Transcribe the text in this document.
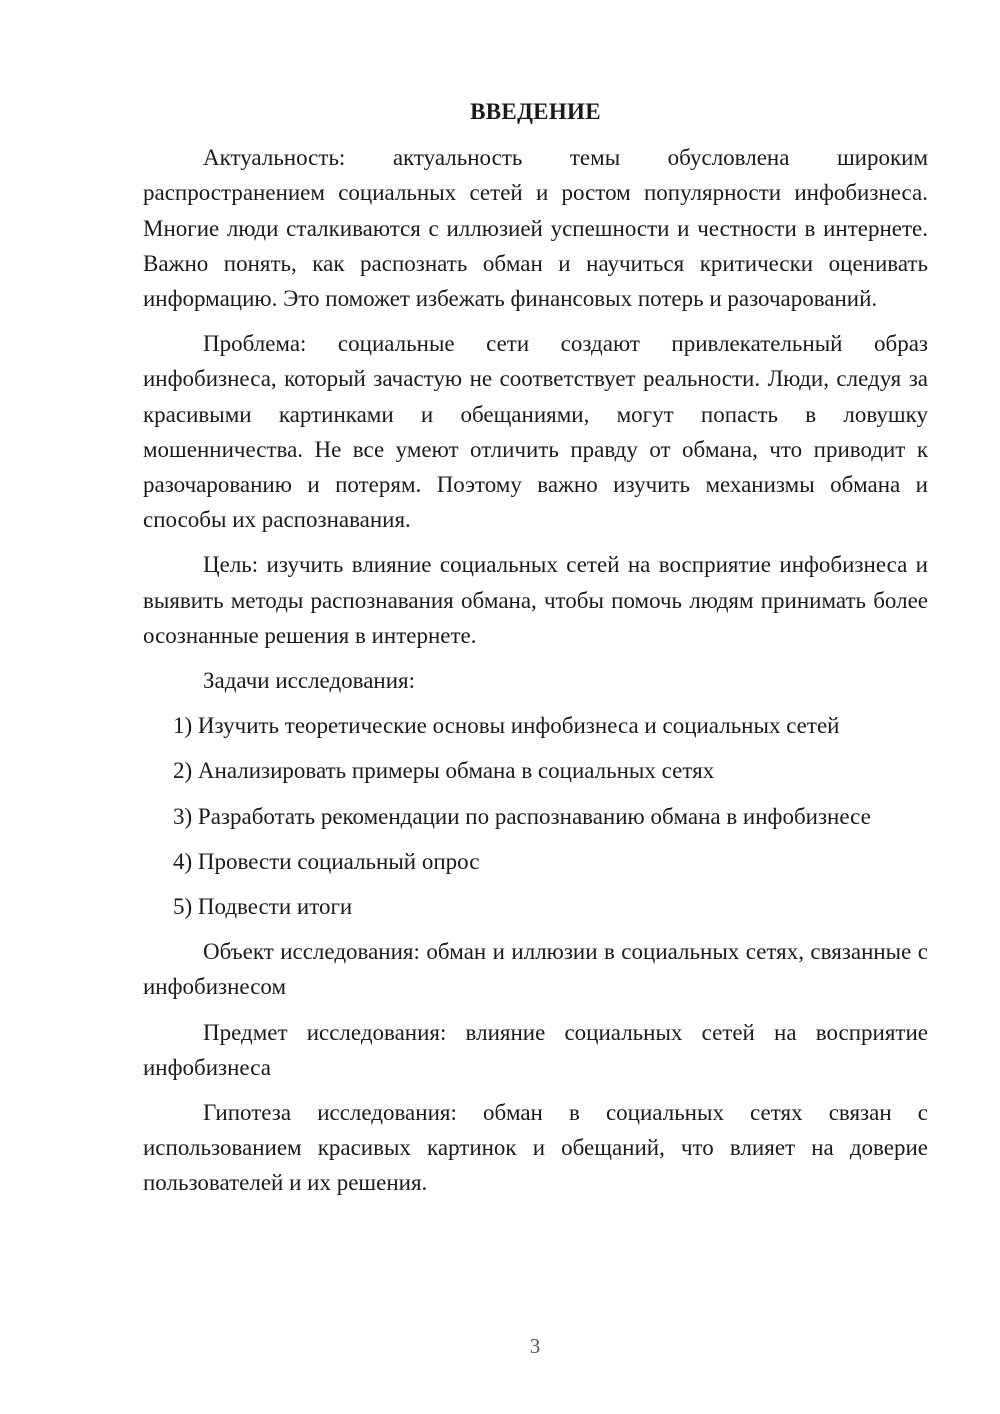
ВВЕДЕНИЕ

Актуальность: актуальность темы обусловлена широким распространением социальных сетей и ростом популярности инфобизнеса. Многие люди сталкиваются с иллюзией успешности и честности в интернете. Важно понять, как распознать обман и научиться критически оценивать информацию. Это поможет избежать финансовых потерь и разочарований.

Проблема: социальные сети создают привлекательный образ инфобизнеса, который зачастую не соответствует реальности. Люди, следуя за красивыми картинками и обещаниями, могут попасть в ловушку мошенничества. Не все умеют отличить правду от обмана, что приводит к разочарованию и потерям. Поэтому важно изучить механизмы обмана и способы их распознавания.

Цель: изучить влияние социальных сетей на восприятие инфобизнеса и выявить методы распознавания обмана, чтобы помочь людям принимать более осознанные решения в интернете.

Задачи исследования:

1) Изучить теоретические основы инфобизнеса и социальных сетей

2) Анализировать примеры обмана в социальных сетях

3) Разработать рекомендации по распознаванию обмана в инфобизнесе

4) Провести социальный опрос

5) Подвести итоги

Объект исследования: обман и иллюзии в социальных сетях, связанные с инфобизнесом

Предмет исследования: влияние социальных сетей на восприятие инфобизнеса

Гипотеза исследования: обман в социальных сетях связан с использованием красивых картинок и обещаний, что влияет на доверие пользователей и их решения.

3
